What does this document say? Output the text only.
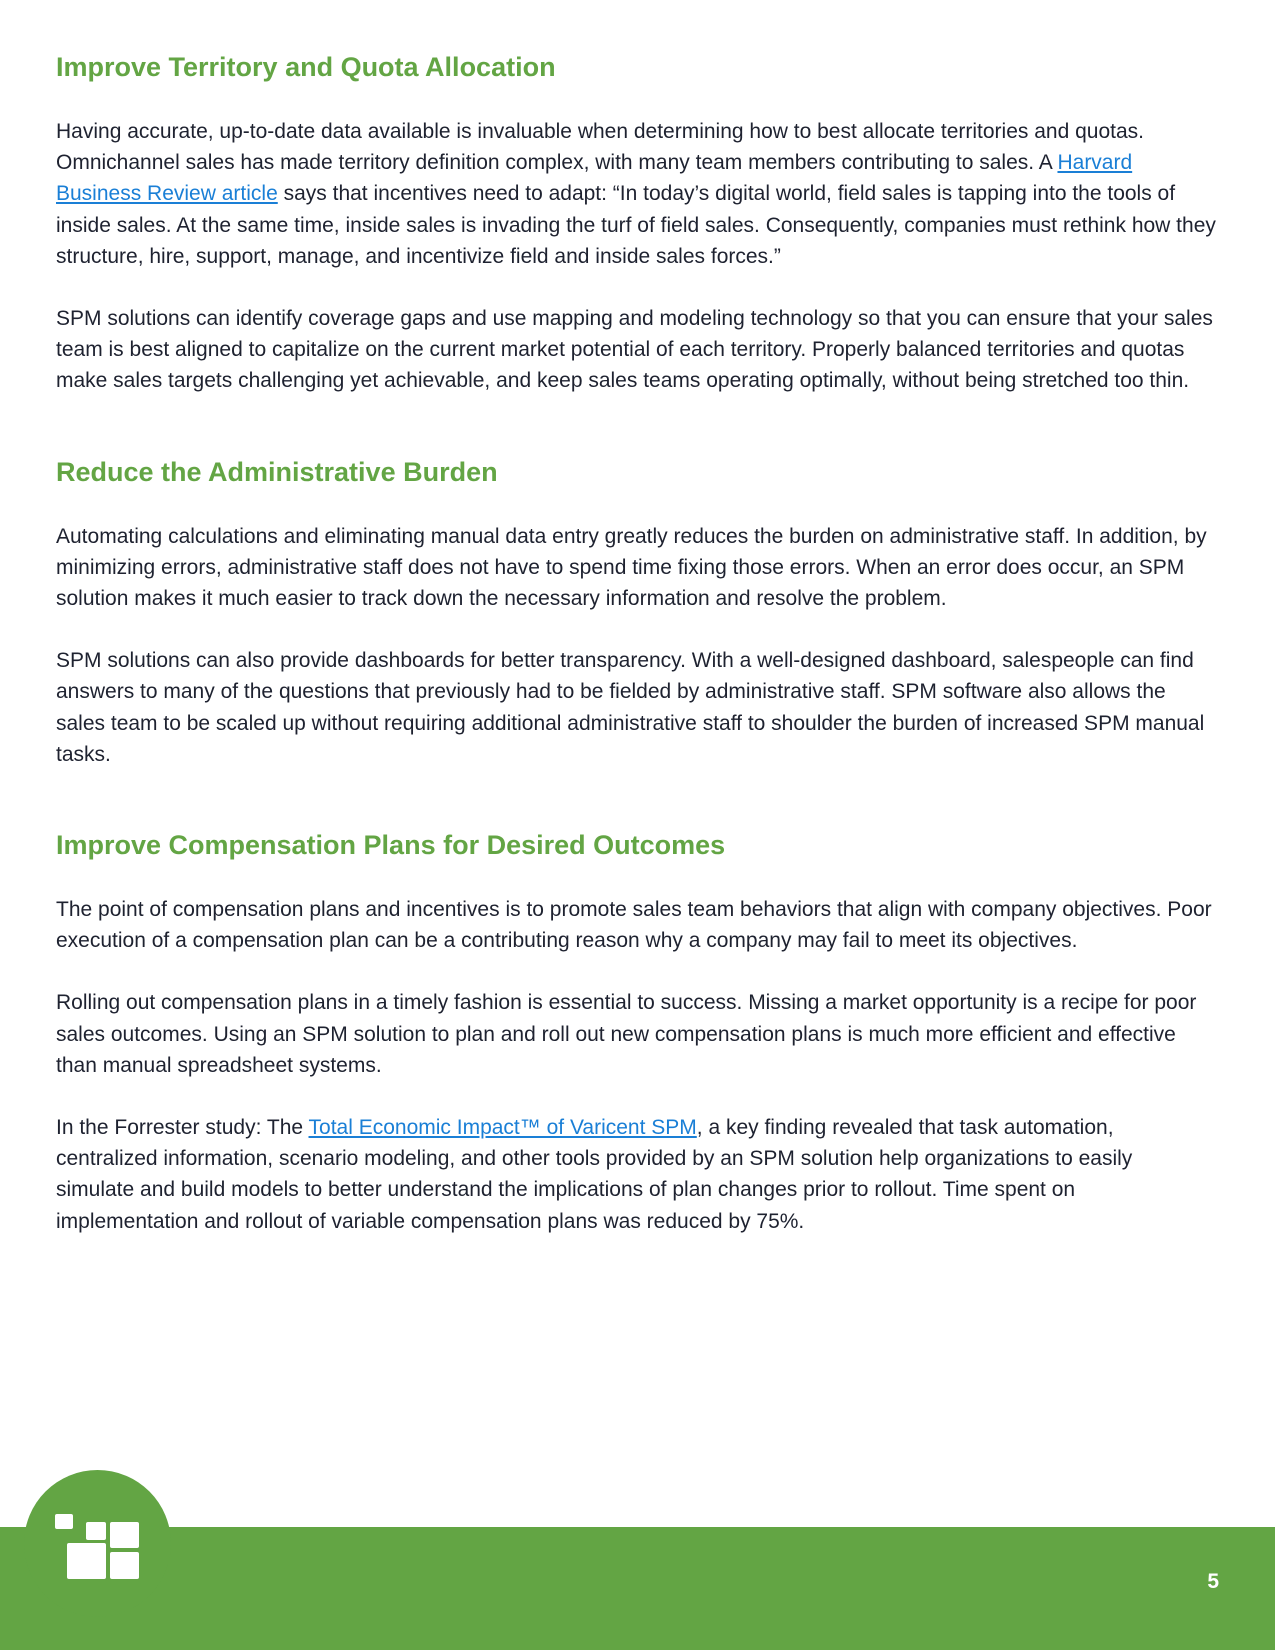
Improve Territory and Quota Allocation

Having accurate, up-to-date data available is invaluable when determining how to best allocate territories and quotas. Omnichannel sales has made territory definition complex, with many team members contributing to sales. A Harvard Business Review article says that incentives need to adapt: “In today’s digital world, field sales is tapping into the tools of inside sales. At the same time, inside sales is invading the turf of field sales. Consequently, companies must rethink how they structure, hire, support, manage, and incentivize field and inside sales forces.”

SPM solutions can identify coverage gaps and use mapping and modeling technology so that you can ensure that your sales team is best aligned to capitalize on the current market potential of each territory. Properly balanced territories and quotas make sales targets challenging yet achievable, and keep sales teams operating optimally, without being stretched too thin.

Reduce the Administrative Burden

Automating calculations and eliminating manual data entry greatly reduces the burden on administrative staff. In addition, by minimizing errors, administrative staff does not have to spend time fixing those errors. When an error does occur, an SPM solution makes it much easier to track down the necessary information and resolve the problem.

SPM solutions can also provide dashboards for better transparency. With a well-designed dashboard, salespeople can find answers to many of the questions that previously had to be fielded by administrative staff. SPM software also allows the sales team to be scaled up without requiring additional administrative staff to shoulder the burden of increased SPM manual tasks.

Improve Compensation Plans for Desired Outcomes

The point of compensation plans and incentives is to promote sales team behaviors that align with company objectives. Poor execution of a compensation plan can be a contributing reason why a company may fail to meet its objectives.

Rolling out compensation plans in a timely fashion is essential to success. Missing a market opportunity is a recipe for poor sales outcomes. Using an SPM solution to plan and roll out new compensation plans is much more efficient and effective than manual spreadsheet systems.

In the Forrester study: The Total Economic Impact™ of Varicent SPM, a key finding revealed that task automation, centralized information, scenario modeling, and other tools provided by an SPM solution help organizations to easily simulate and build models to better understand the implications of plan changes prior to rollout. Time spent on implementation and rollout of variable compensation plans was reduced by 75%.

5
